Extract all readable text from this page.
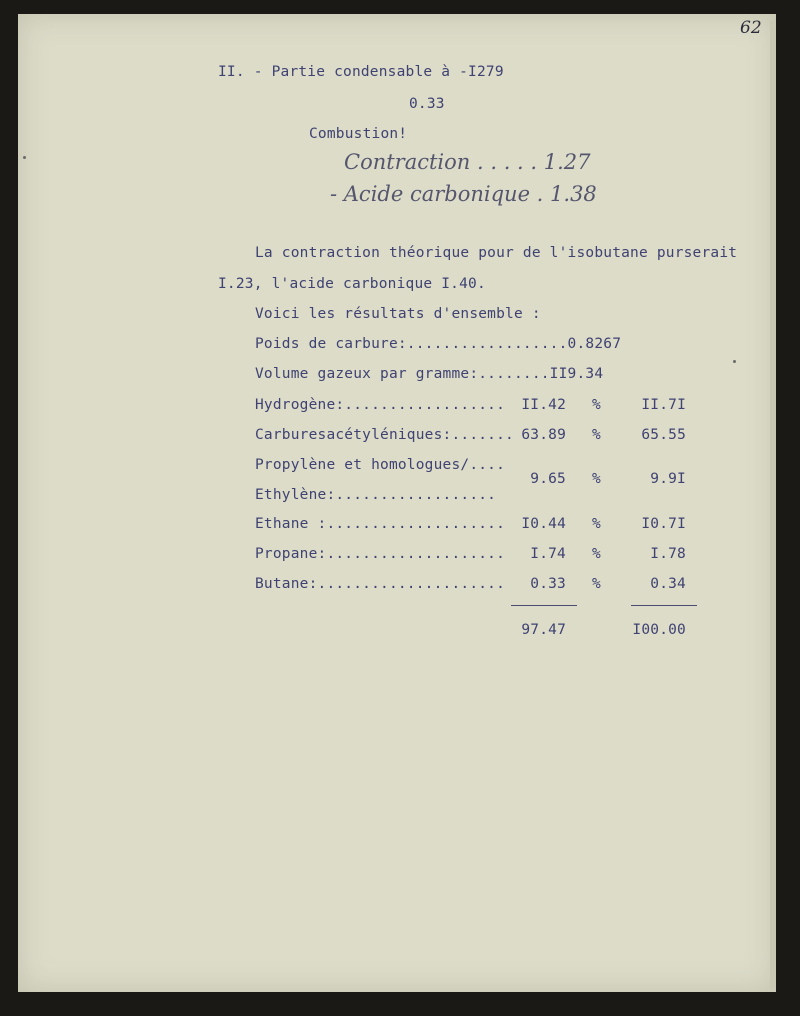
62
II. - Partie condensable à -I279
0.33
Combustion!
Contraction . . . . . 1.27
- Acide carbonique . 1.38
La contraction théorique pour de l'isobutane purserait
I.23, l'acide carbonique I.40.
Voici les résultats d'ensemble :
Poids de carbure:..................0.8267
Volume gazeux par gramme:........II9.34
Hydrogène:..................	II.42 %	II.7I
Carburesacétyléniques:....... 63.89 %	65.55
Propylène et homologues/....
Ethylène:..................
9.65 %	9.9I
Ethane :....................	I0.44 %	I0.7I
Propane:....................	I.74 %	I.78
Butane:.....................	0.33 %	0.34
97.47	I00.00
